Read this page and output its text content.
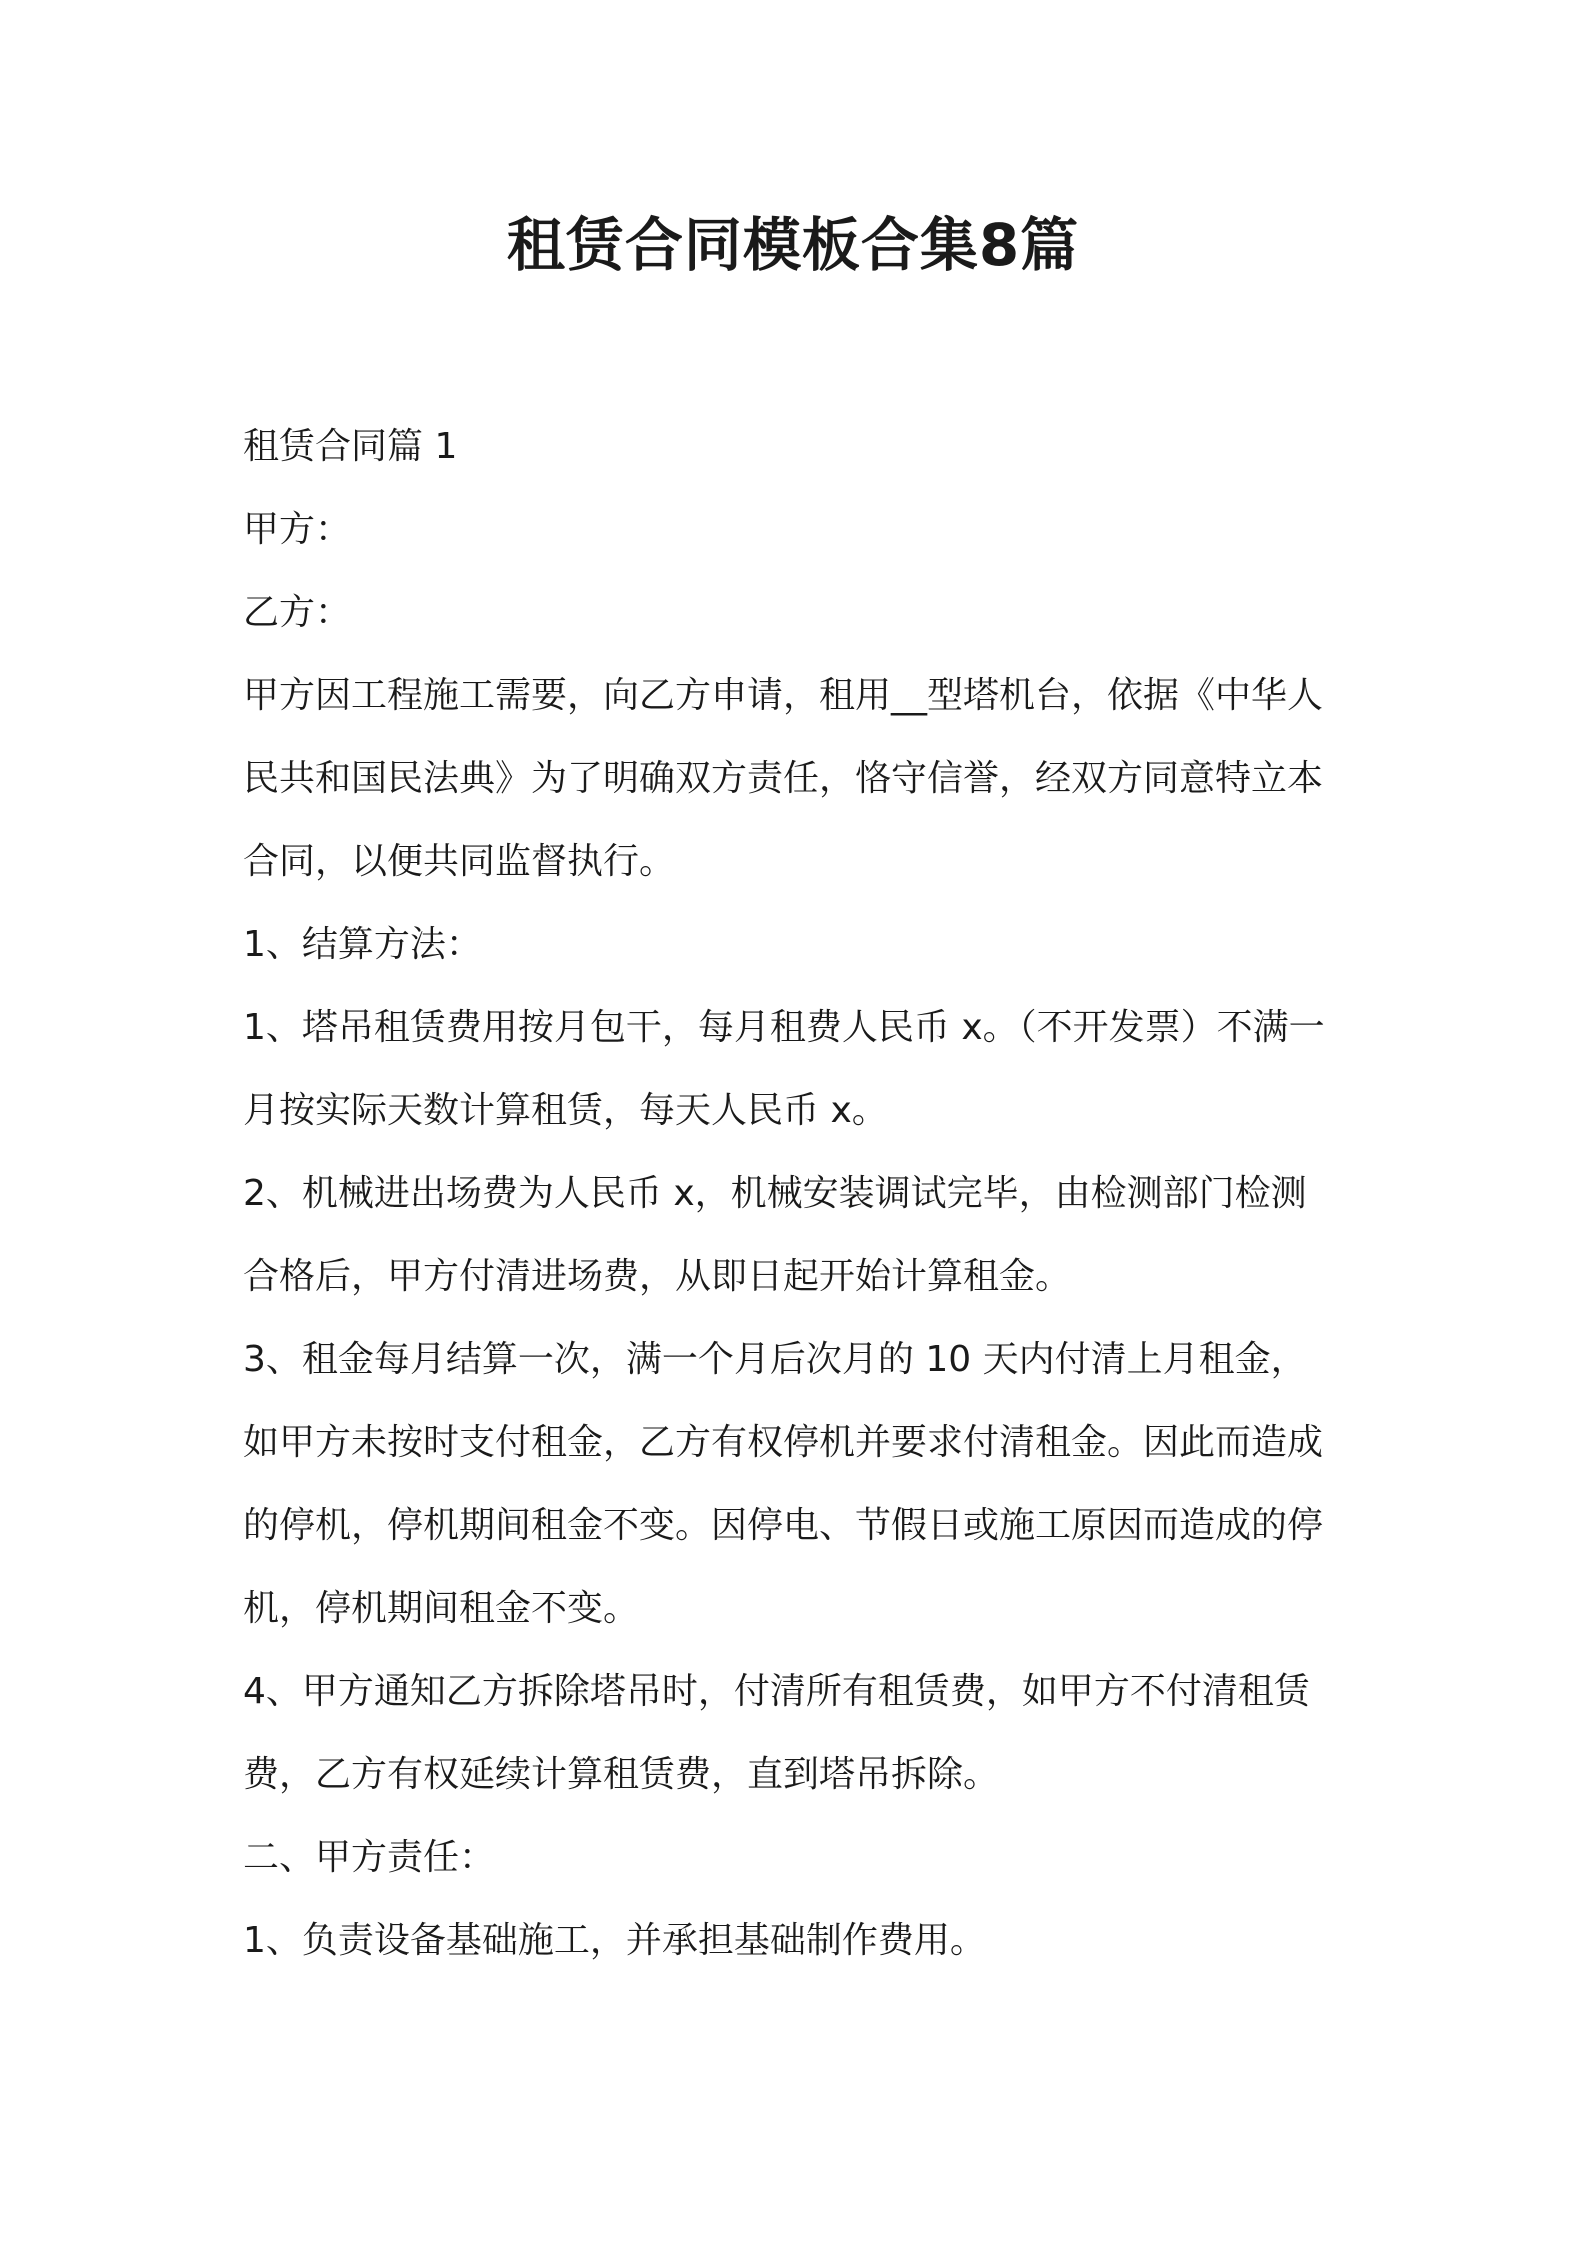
租赁合同模板合集8篇
租赁合同篇 1
甲方：
乙方：
甲方因工程施工需要，向乙方申请，租用__型塔机台，依据《中华人
民共和国民法典》为了明确双方责任，恪守信誉，经双方同意特立本
合同，以便共同监督执行。
1、结算方法：
1、塔吊租赁费用按月包干，每月租费人民币 x。（不开发票）不满一
月按实际天数计算租赁，每天人民币 x。
2、机械进出场费为人民币 x，机械安装调试完毕，由检测部门检测
合格后，甲方付清进场费，从即日起开始计算租金。
3、租金每月结算一次，满一个月后次月的 10 天内付清上月租金，
如甲方未按时支付租金，乙方有权停机并要求付清租金。因此而造成
的停机，停机期间租金不变。因停电、节假日或施工原因而造成的停
机，停机期间租金不变。
4、甲方通知乙方拆除塔吊时，付清所有租赁费，如甲方不付清租赁
费，乙方有权延续计算租赁费，直到塔吊拆除。
二、甲方责任：
1、负责设备基础施工，并承担基础制作费用。
